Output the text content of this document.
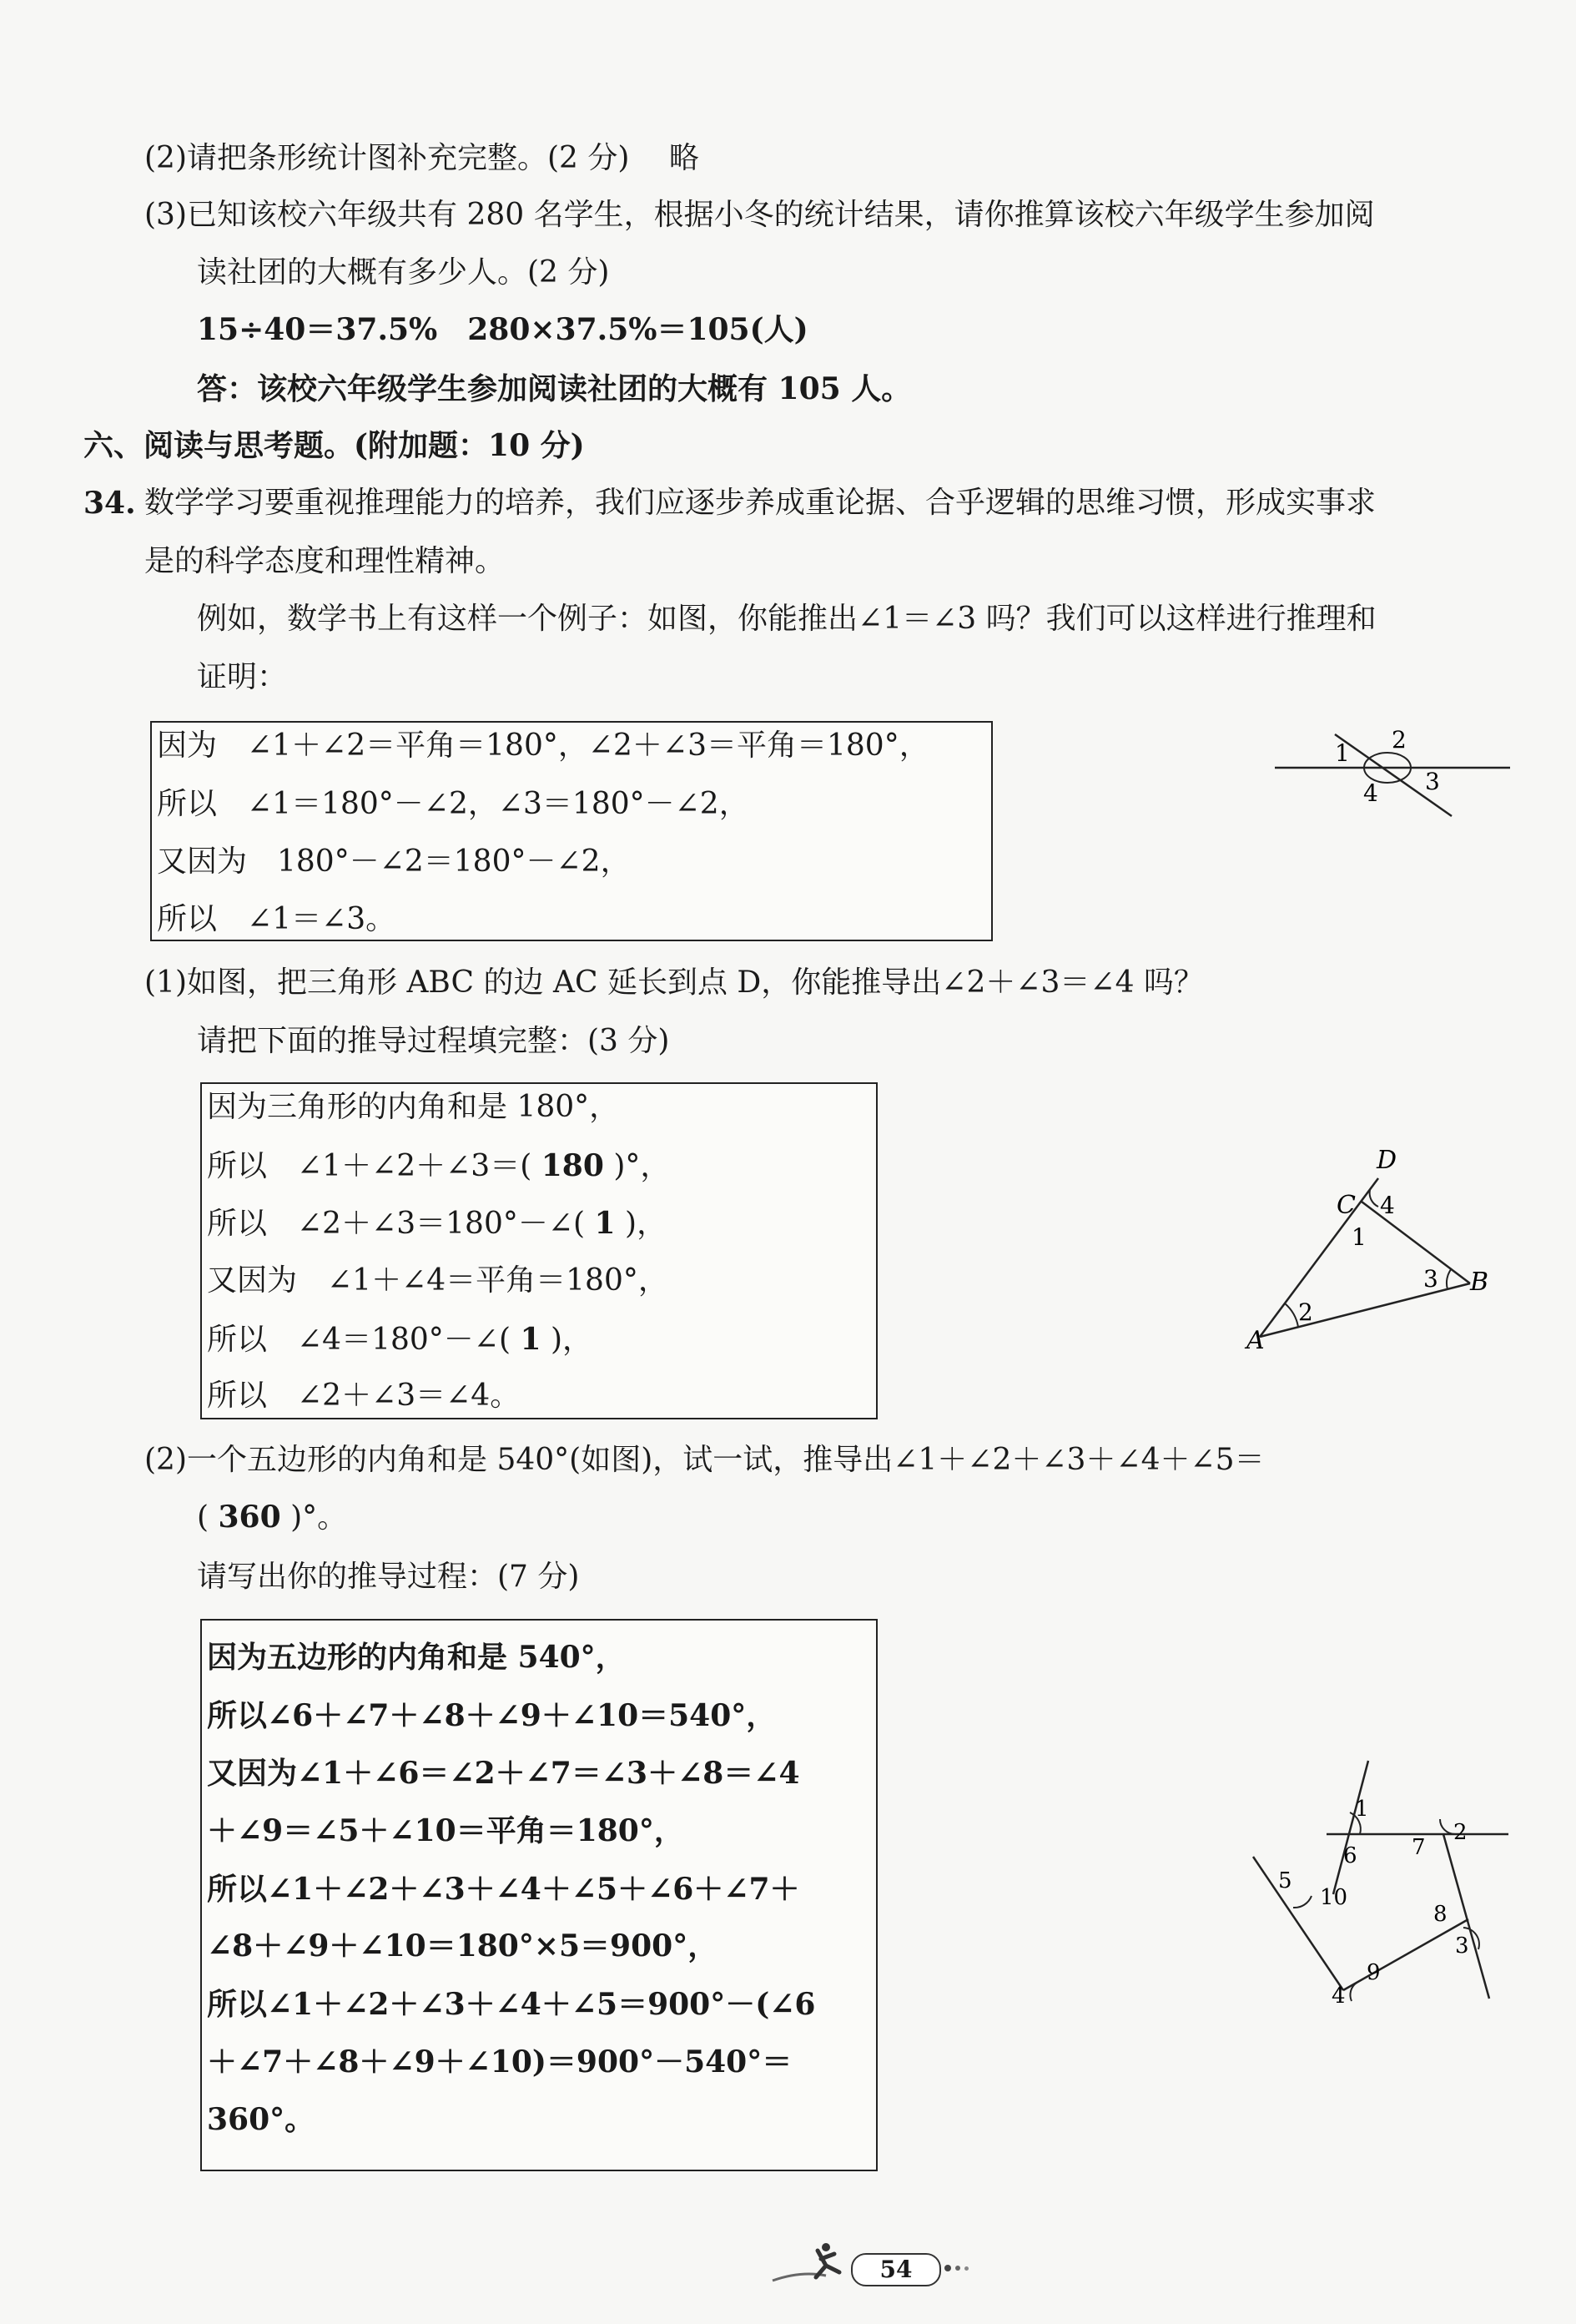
(2)请把条形统计图补充完整。(2 分)　 略
(3)已知该校六年级共有 280 名学生，根据小冬的统计结果，请你推算该校六年级学生参加阅
读社团的大概有多少人。(2 分)
15÷40＝37.5%　280×37.5%＝105(人)
答：该校六年级学生参加阅读社团的大概有 105 人。
六、阅读与思考题。(附加题：10 分)
34. 数学学习要重视推理能力的培养，我们应逐步养成重论据、合乎逻辑的思维习惯，形成实事求
是的科学态度和理性精神。
例如，数学书上有这样一个例子：如图，你能推出∠1＝∠3 吗？我们可以这样进行推理和
证明：
因为　∠1＋∠2＝平角＝180°，∠2＋∠3＝平角＝180°，
所以　∠1＝180°－∠2，∠3＝180°－∠2，
又因为　180°－∠2＝180°－∠2，
所以　∠1＝∠3。
1 2
3
4
(1)如图，把三角形 ABC 的边 AC 延长到点 D，你能推导出∠2＋∠3＝∠4 吗？
请把下面的推导过程填完整：(3 分)
因为三角形的内角和是 180°，
所以　∠1＋∠2＋∠3＝( 180 )°，
所以　∠2＋∠3＝180°－∠( 1 )，
又因为　∠1＋∠4＝平角＝180°，
所以　∠4＝180°－∠( 1 )，
所以　∠2＋∠3＝∠4。
D
C 4
1
3 B
2
A
(2)一个五边形的内角和是 540°(如图)，试一试，推导出∠1＋∠2＋∠3＋∠4＋∠5＝
( 360 )°。
请写出你的推导过程：(7 分)
因为五边形的内角和是 540°，
所以∠6＋∠7＋∠8＋∠9＋∠10＝540°，
又因为∠1＋∠6＝∠2＋∠7＝∠3＋∠8＝∠4
＋∠9＝∠5＋∠10＝平角＝180°，
所以∠1＋∠2＋∠3＋∠4＋∠5＋∠6＋∠7＋
∠8＋∠9＋∠10＝180°×5＝900°，
所以∠1＋∠2＋∠3＋∠4＋∠5＝900°－(∠6
＋∠7＋∠8＋∠9＋∠10)＝900°－540°＝
360°。
1
2
3
4
5
6	7
8
9
10
54
